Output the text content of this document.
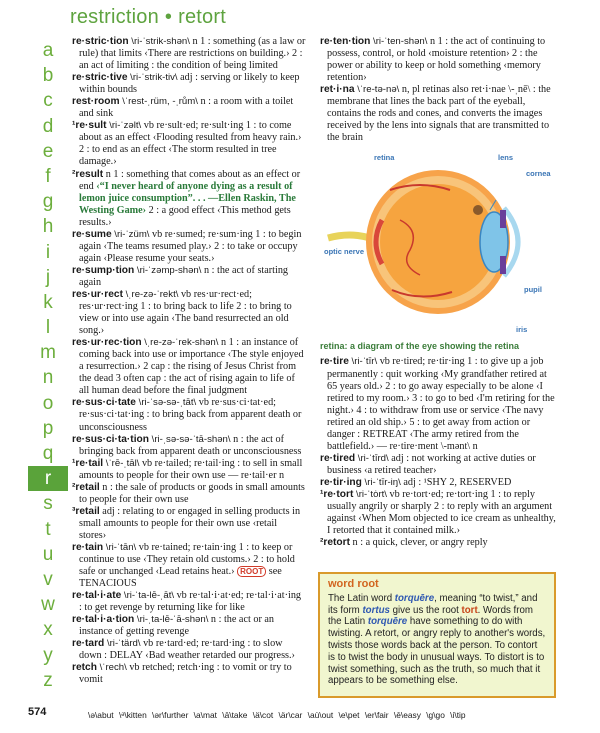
restriction • retort
a
b
c
d
e
f
g
h
i
j
k
l
m
n
o
p
q
r
s
t
u
v
w
x
y
z

re·stric·tion \ri-ˈstrik-shən\ n 1 : something (as a law or rule) that limits ‹There are restrictions on building.› 2 : an act of limiting : the condition of being limited

re·stric·tive \ri-ˈstrik-tiv\ adj : serving or likely to keep within bounds

rest·room \ˈrest-ˌrüm, -ˌrům\ n : a room with a toilet and sink

¹re·sult \ri-ˈzəlt\ vb re·sult·ed; re·sult·ing 1 : to come about as an effect ‹Flooding resulted from heavy rain.› 2 : to end as an effect ‹The storm resulted in tree damage.›

²result n 1 : something that comes about as an effect or end ‹“I never heard of anyone dying as a result of lemon juice consumption”. . . —Ellen Raskin, The Westing Game› 2 : a good effect ‹This method gets results.›

re·sume \ri-ˈzüm\ vb re·sumed; re·sum·ing 1 : to begin again ‹The teams resumed play.› 2 : to take or occupy again ‹Please resume your seats.›

re·sump·tion \ri-ˈzəmp-shən\ n : the act of starting again

res·ur·rect \ˌre-zə-ˈrekt\ vb res·ur·rect·ed; res·ur·rect·ing 1 : to bring back to life 2 : to bring to view or into use again ‹The band resurrected an old song.›

res·ur·rec·tion \ˌre-zə-ˈrek-shən\ n 1 : an instance of coming back into use or importance ‹The style enjoyed a resurrection.› 2 cap : the rising of Jesus Christ from the dead 3 often cap : the act of rising again to life of all human dead before the final judgment

re·sus·ci·tate \ri-ˈsə-sə-ˌtāt\ vb re·sus·ci·tat·ed; re·sus·ci·tat·ing : to bring back from apparent death or unconsciousness

re·sus·ci·ta·tion \ri-ˌsə-sə-ˈtā-shən\ n : the act of bringing back from apparent death or unconsciousness

¹re·tail \ˈrē-ˌtāl\ vb re·tailed; re·tail·ing : to sell in small amounts to people for their own use — re·tail·er n

²retail n : the sale of products or goods in small amounts to people for their own use

³retail adj : relating to or engaged in selling products in small amounts to people for their own use ‹retail stores›

re·tain \ri-ˈtān\ vb re·tained; re·tain·ing 1 : to keep or continue to use ‹They retain old customs.› 2 : to hold safe or unchanged ‹Lead retains heat.› ROOT see TENACIOUS

re·tal·i·ate \ri-ˈta-lē-ˌāt\ vb re·tal·i·at·ed; re·tal·i·at·ing : to get revenge by returning like for like

re·tal·i·a·tion \ri-ˌta-lē-ˈā-shən\ n : the act or an instance of getting revenge

re·tard \ri-ˈtärd\ vb re·tard·ed; re·tard·ing : to slow down : DELAY ‹Bad weather retarded our progress.›

retch \ˈrech\ vb retched; retch·ing : to vomit or try to vomit

re·ten·tion \ri-ˈten-shən\ n 1 : the act of continuing to possess, control, or hold ‹moisture retention› 2 : the power or ability to keep or hold something ‹memory retention›

ret·i·na \ˈre-tə-nə\ n, pl retinas also ret·i·nae \-ˌnē\ : the membrane that lines the back part of the eyeball, contains the rods and cones, and converts the images received by the lens into signals that are transmitted to the brain

retina	lens
cornea
optic nerve
pupil
iris
retina: a diagram of the eye showing the retina

re·tire \ri-ˈtīr\ vb re·tired; re·tir·ing 1 : to give up a job permanently : quit working ‹My grandfather retired at 65 years old.› 2 : to go away especially to be alone ‹I retired to my room.› 3 : to go to bed ‹I'm retiring for the night.› 4 : to withdraw from use or service ‹The navy retired an old ship.› 5 : to get away from action or danger : RETREAT ‹The army retired from the battlefield.› — re·tire·ment \-mənt\ n

re·tired \ri-ˈtīrd\ adj : not working at active duties or business ‹a retired teacher›

re·tir·ing \ri-ˈtīr-iŋ\ adj : ¹SHY 2, RESERVED

¹re·tort \ri-ˈtȯrt\ vb re·tort·ed; re·tort·ing 1 : to reply usually angrily or sharply 2 : to reply with an argument against ‹When Mom objected to ice cream as unhealthy, I retorted that it contained milk.›

²retort n : a quick, clever, or angry reply

word root
The Latin word torquēre, meaning “to twist,” and its form tortus give us the root tort. Words from the Latin torquēre have something to do with twisting. A retort, or angry reply to another's words, twists those words back at the person. To contort is to twist the body in unusual ways. To distort is to twist something, such as the truth, so much that it appears to be something else.
574	\ə\abut \ᵊ\kitten \ər\further \a\mat \ā\take \ä\cot \är\car \aù\out \e\pet \er\fair \ē\easy \g\go \i\tip
